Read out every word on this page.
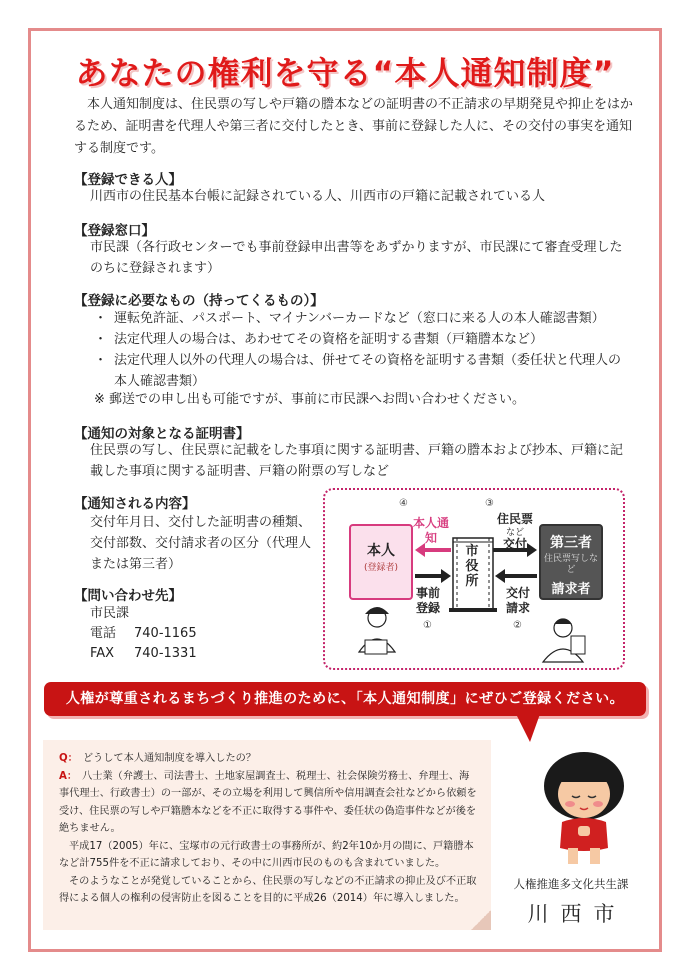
あなたの権利を守る“本人通知制度”

本人通知制度は、住民票の写しや戸籍の謄本などの証明書の不正請求の早期発見や抑止をはかるため、証明書を代理人や第三者に交付したとき、事前に登録した人に、その交付の事実を通知する制度です。

【登録できる人】
川西市の住民基本台帳に記録されている人、川西市の戸籍に記載されている人
【登録窓口】
市民課（各行政センターでも事前登録申出書等をあずかりますが、市民課にて審査受理したのちに登録されます）
【登録に必要なもの（持ってくるもの）】
・ 運転免許証、パスポート、マイナンバーカードなど（窓口に来る人の本人確認書類）
・ 法定代理人の場合は、あわせてその資格を証明する書類（戸籍謄本など）
・ 法定代理人以外の代理人の場合は、併せてその資格を証明する書類（委任状と代理人の本人確認書類）
※ 郵送での申し出も可能ですが、事前に市民課へお問い合わせください。
【通知の対象となる証明書】
住民票の写し、住民票に記載をした事項に関する証明書、戸籍の謄本および抄本、戸籍に記載した事項に関する証明書、戸籍の附票の写しなど
【通知される内容】
交付年月日、交付した証明書の種類、交付部数、交付請求者の区分（代理人または第三者）
【問い合わせ先】
市民課
電話 740-1165
FAX 740-1331
④
本人通知
③
住民票
など
交付
本人
(登録者)
第三者
住民票写しなど
請求者
市役所
事前登録
①
交付請求
②
人権が尊重されるまちづくり推進のために、「本人通知制度」にぜひご登録ください。
Q： どうして本人通知制度を導入したの？
A： 八士業（弁護士、司法書士、土地家屋調査士、税理士、社会保険労務士、弁理士、海事代理士、行政書士）の一部が、その立場を利用して興信所や信用調査会社などから依頼を受け、住民票の写しや戸籍謄本などを不正に取得する事件や、委任状の偽造事件などが後を絶ちません。
平成17（2005）年に、宝塚市の元行政書士の事務所が、約2年10か月の間に、戸籍謄本など計755件を不正に請求しており、その中に川西市民のものも含まれていました。
そのようなことが発覚していることから、住民票の写しなどの不正請求の抑止及び不正取得による個人の権利の侵害防止を図ることを目的に平成26（2014）年に導入しました。
人権推進多文化共生課
川西市
